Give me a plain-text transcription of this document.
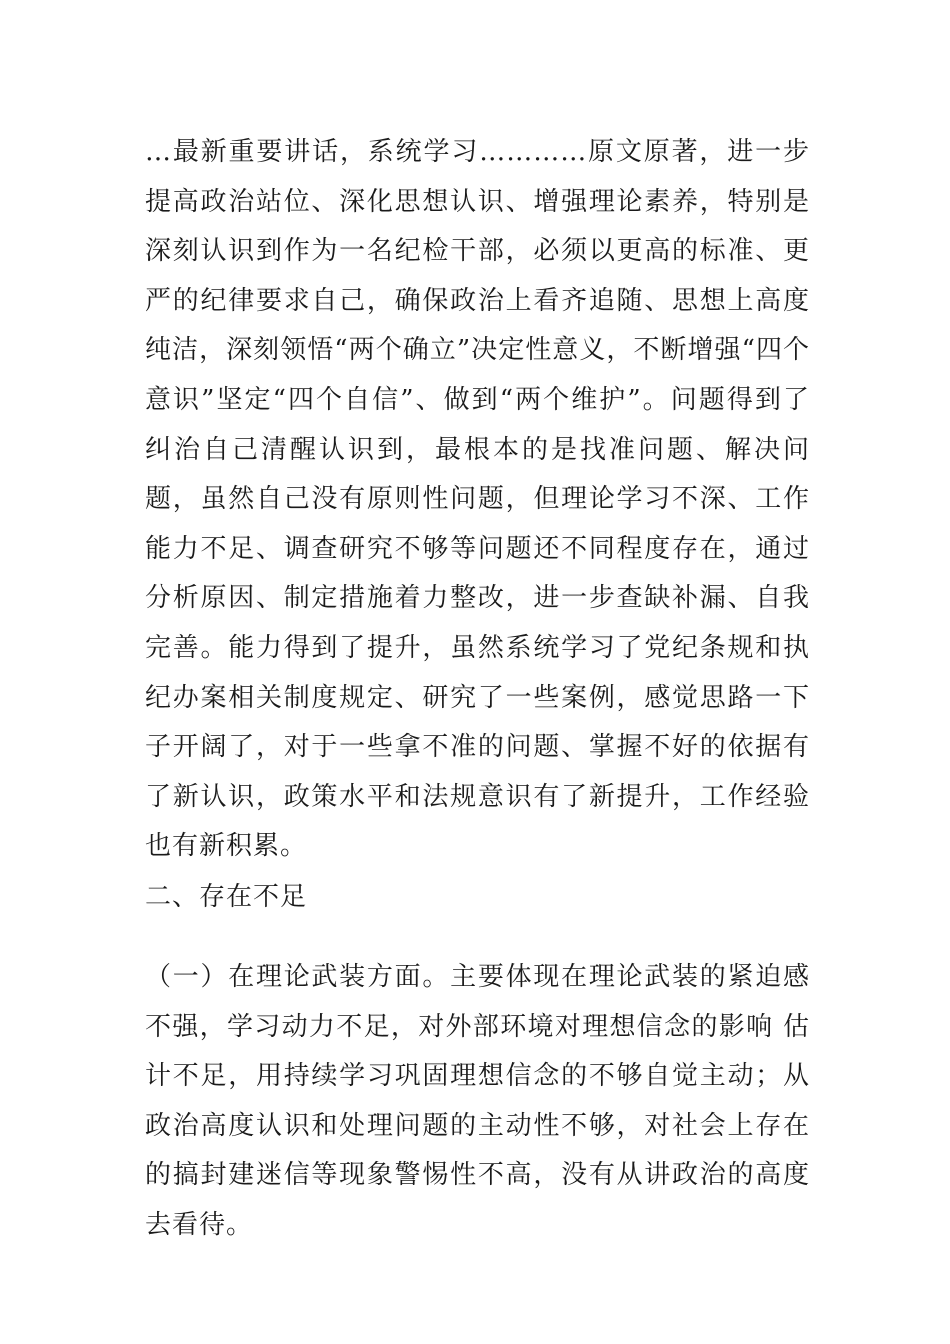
…最新重要讲话，系统学习…………原文原著，进一步提高政治站位、深化思想认识、增强理论素养，特别是深刻认识到作为一名纪检干部，必须以更高的标准、更严的纪律要求自己，确保政治上看齐追随、思想上高度纯洁，深刻领悟“两个确立”决定性意义，不断增强“四个意识”坚定“四个自信”、做到“两个维护”。问题得到了纠治自己清醒认识到，最根本的是找准问题、解决问题，虽然自己没有原则性问题，但理论学习不深、工作能力不足、调查研究不够等问题还不同程度存在，通过分析原因、制定措施着力整改，进一步查缺补漏、自我完善。能力得到了提升，虽然系统学习了党纪条规和执纪办案相关制度规定、研究了一些案例，感觉思路一下子开阔了，对于一些拿不准的问题、掌握不好的依据有了新认识，政策水平和法规意识有了新提升，工作经验也有新积累。
二、存在不足
（一）在理论武装方面。主要体现在理论武装的紧迫感不强，学习动力不足，对外部环境对理想信念的影响 估计不足，用持续学习巩固理想信念的不够自觉主动；从政治高度认识和处理问题的主动性不够，对社会上存在的搞封建迷信等现象警惕性不高，没有从讲政治的高度去看待。
